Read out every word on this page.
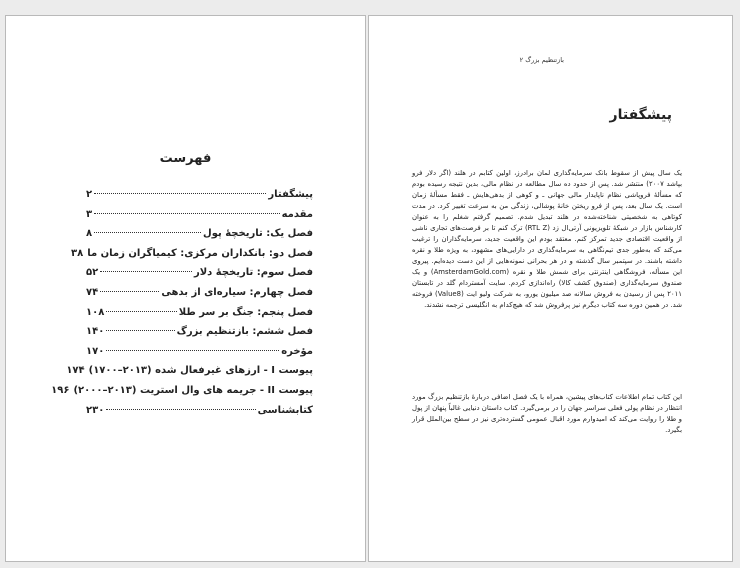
فهرست
پیشگفتار
۲
مقدمه
۳
فصل یک: تاریخچهٔ پول
۸
فصل دو: بانکداران مرکزی: کیمیاگران زمان ما
۳۸
فصل سوم: تاریخچهٔ دلار
۵۲
فصل چهارم: سیاره‌ای از بدهی
۷۴
فصل پنجم: جنگ بر سر طلا
۱۰۸
فصل ششم: بازتنظیم بزرگ
۱۴۰
مؤخره
۱۷۰
پیوست I - ارزهای غیرفعال شده (۲۰۱۳–۱۷۰۰)
۱۷۴
پیوست II - جریمه های وال استریت (۲۰۱۳–۲۰۰۰)
۱۹۶
کتابشناسی
۲۳۰
بازتنظیم بزرگ ۲
پیشگفتار
یک سال پیش از سقوط بانک سرمایه‌گذاری لمان برادرز، اولین کتابم در هلند (اگر دلار فرو بپاشد ۲۰۰۷) منتشر شد. پس از حدود ده سال مطالعه در نظام مالی، بدین نتیجه رسیده بودم که مسألهٔ فروپاشی نظام ناپایدار مالی جهانی ـ و کوهی از بدهی‌هایش ـ فقط مسألهٔ زمان است. یک سال بعد، پس از فرو ریختن خانهٔ پوشالی، زندگی من به سرعت تغییر کرد. در مدت کوتاهی به شخصیتی شناخته‌شده در هلند تبدیل شدم. تصمیم گرفتم شغلم را به عنوان کارشناس بازار در شبکهٔ تلویزیونی آرتی‌ال زد (RTL Z) ترک کنم تا بر فرصت‌های تجاری ناشی از واقعیت اقتصادی جدید تمرکز کنم. معتقد بودم این واقعیت جدید، سرمایه‌گذاران را ترغیب می‌کند که به‌طور جدی تیم‌نگاهی به سرمایه‌گذاری در دارایی‌های مشهود، به ویژه طلا و نقره داشته باشند. در سپتمبر سال گذشته و در هر بحرانی نمونه‌هایی از این دست دیده‌ایم. پیروی این مسأله، فروشگاهی اینترنتی برای شمش طلا و نقره (AmsterdamGold.com) و یک صندوق سرمایه‌گذاری (صندوق کشف کالا) راه‌اندازی کردم. سایت آمستردام گلد در تابستان ۲۰۱۱ پس از رسیدن به فروش سالانه صد میلیون یورو، به شرکت ولیو ایت (Value8) فروخته شد. در همین دوره سه کتاب دیگرم نیز پرفروش شد که هیچ‌کدام به انگلیسی ترجمه نشدند.
این کتاب تمام اطلاعات کتاب‌های پیشین، همراه با یک فصل اضافی دربارهٔ بازتنظیم بزرگ مورد انتظار در نظام پولی فعلی سراسر جهان را در برمی‌گیرد. کتاب داستان دنیایی غالباً پنهان از پول و طلا را روایت می‌کند که امیدوارم مورد اقبال عمومی گسترده‌تری نیز در سطح بین‌الملل قرار بگیرد.
